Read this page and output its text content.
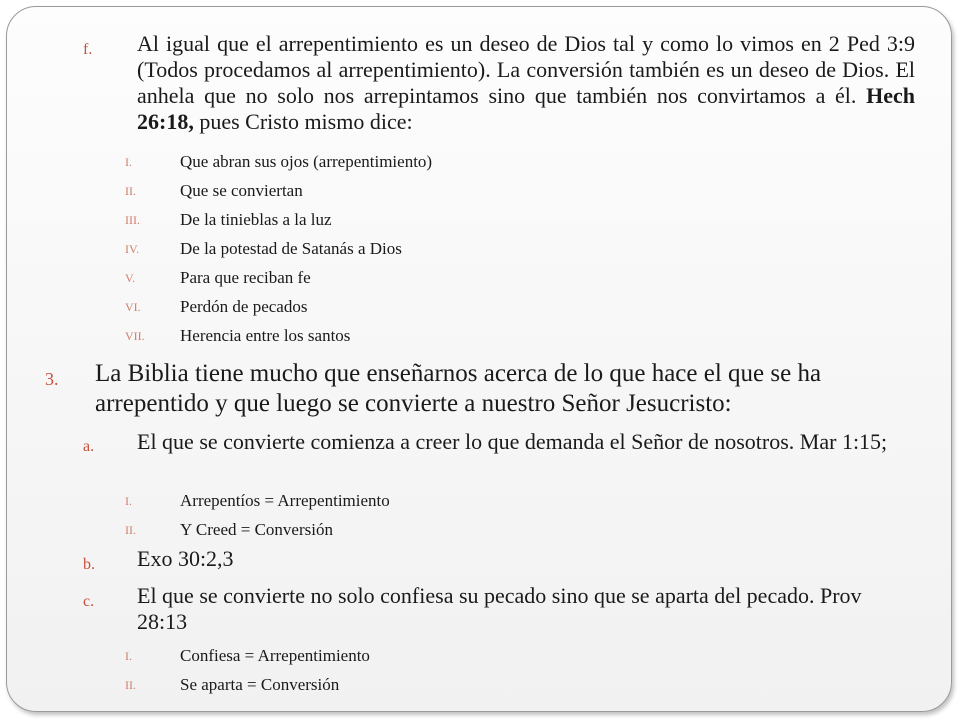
f. Al igual que el arrepentimiento es un deseo de Dios tal y como lo vimos en 2 Ped 3:9 (Todos procedamos al arrepentimiento). La conversión también es un deseo de Dios. El anhela que no solo nos arrepintamos sino que también nos convirtamos a él. Hech 26:18, pues Cristo mismo dice:
I.	Que abran sus ojos (arrepentimiento)
II.	Que se conviertan
III. De la tinieblas a la luz
IV. De la potestad de Satanás a Dios
V.	Para que reciban fe
VI. Perdón de pecados
VII. Herencia entre los santos
3. La Biblia tiene mucho que enseñarnos acerca de lo que hace el que se ha arrepentido y que luego se convierte a nuestro Señor Jesucristo:
a. El que se convierte comienza a creer lo que demanda el Señor de nosotros. Mar 1:15;
I.	Arrepentíos = Arrepentimiento
II.	Y Creed = Conversión
b. Exo 30:2,3
c. El que se convierte no solo confiesa su pecado sino que se aparta del pecado. Prov 28:13
I.	Confiesa = Arrepentimiento
II.	Se aparta = Conversión
